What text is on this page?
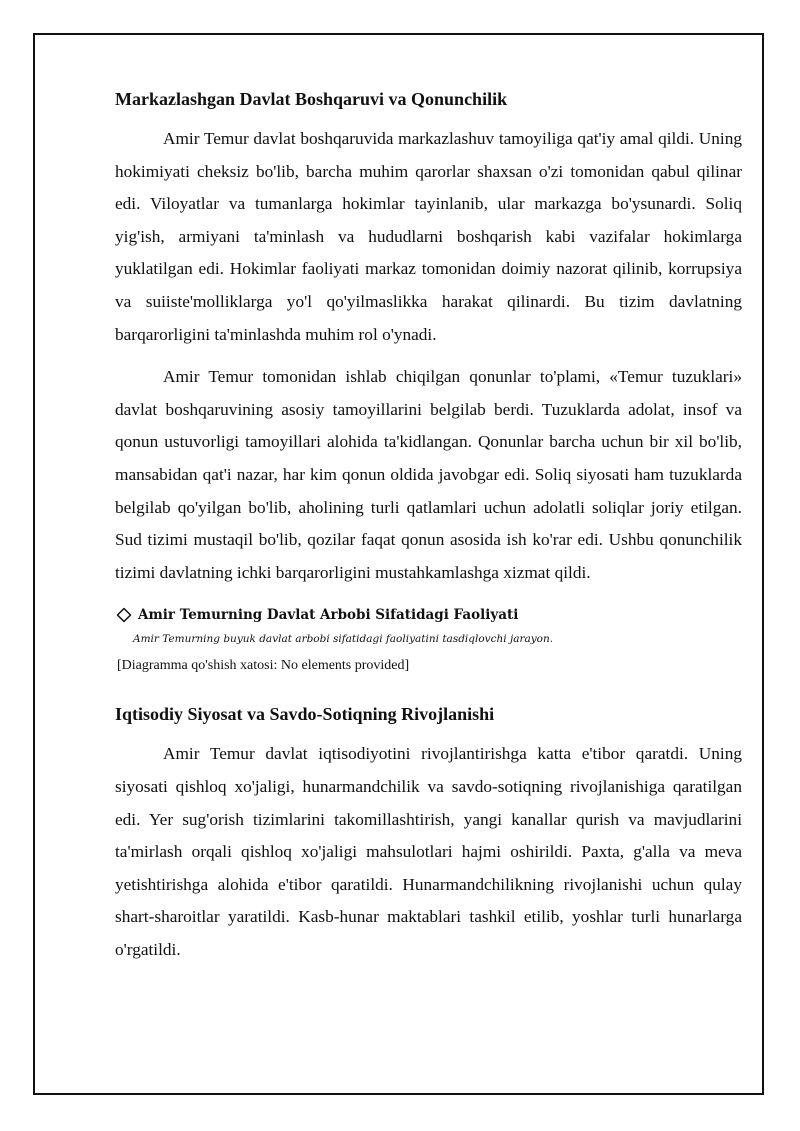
Markazlashgan Davlat Boshqaruvi va Qonunchilik

Amir Temur davlat boshqaruvida markazlashuv tamoyiliga qat'iy amal qildi. Uning hokimiyati cheksiz bo'lib, barcha muhim qarorlar shaxsan o'zi tomonidan qabul qilinar edi. Viloyatlar va tumanlarga hokimlar tayinlanib, ular markazga bo'ysunardi. Soliq yig'ish, armiyani ta'minlash va hududlarni boshqarish kabi vazifalar hokimlarga yuklatilgan edi. Hokimlar faoliyati markaz tomonidan doimiy nazorat qilinib, korrupsiya va suiiste'molliklarga yo'l qo'yilmaslikka harakat qilinardi. Bu tizim davlatning barqarorligini ta'minlashda muhim rol o'ynadi.

Amir Temur tomonidan ishlab chiqilgan qonunlar to'plami, «Temur tuzuklari» davlat boshqaruvining asosiy tamoyillarini belgilab berdi. Tuzuklarda adolat, insof va qonun ustuvorligi tamoyillari alohida ta'kidlangan. Qonunlar barcha uchun bir xil bo'lib, mansabidan qat'i nazar, har kim qonun oldida javobgar edi. Soliq siyosati ham tuzuklarda belgilab qo'yilgan bo'lib, aholining turli qatlamlari uchun adolatli soliqlar joriy etilgan. Sud tizimi mustaqil bo'lib, qozilar faqat qonun asosida ish ko'rar edi. Ushbu qonunchilik tizimi davlatning ichki barqarorligini mustahkamlashga xizmat qildi.

Amir Temurning Davlat Arbobi Sifatidagi Faoliyati
Amir Temurning buyuk davlat arbobi sifatidagi faoliyatini tasdiqlovchi jarayon.
[Diagramma qo'shish xatosi: No elements provided]
Iqtisodiy Siyosat va Savdo-Sotiqning Rivojlanishi

Amir Temur davlat iqtisodiyotini rivojlantirishga katta e'tibor qaratdi. Uning siyosati qishloq xo'jaligi, hunarmandchilik va savdo-sotiqning rivojlanishiga qaratilgan edi. Yer sug'orish tizimlarini takomillashtirish, yangi kanallar qurish va mavjudlarini ta'mirlash orqali qishloq xo'jaligi mahsulotlari hajmi oshirildi. Paxta, g'alla va meva yetishtirishga alohida e'tibor qaratildi. Hunarmandchilikning rivojlanishi uchun qulay shart-sharoitlar yaratildi. Kasb-hunar maktablari tashkil etilib, yoshlar turli hunarlarga o'rgatildi.
